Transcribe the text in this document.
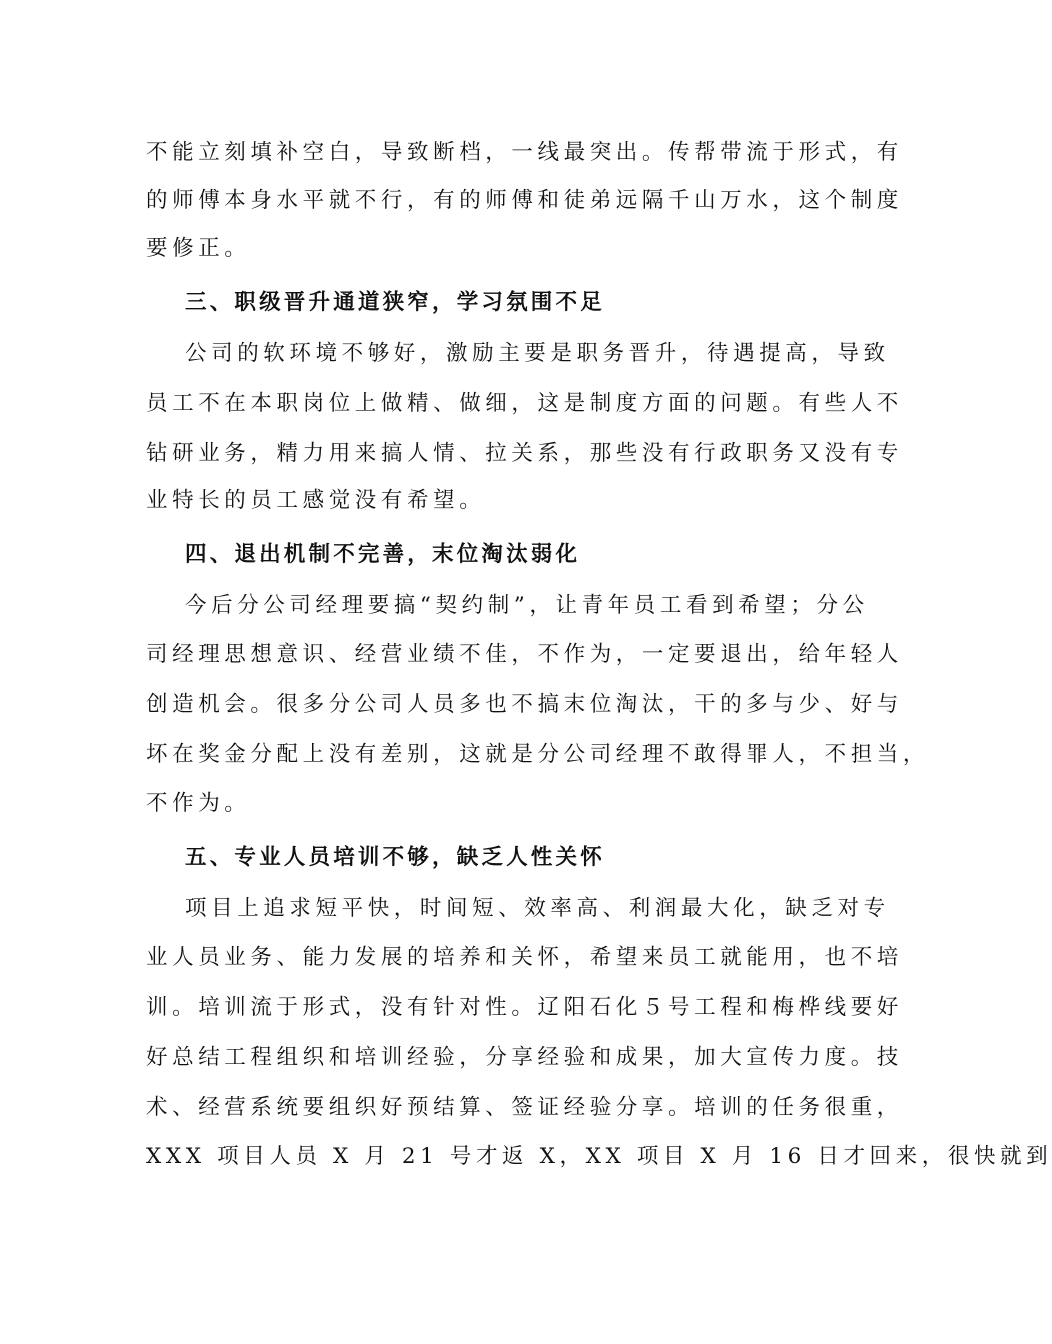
不能立刻填补空白，导致断档，一线最突出。传帮带流于形式，有
的师傅本身水平就不行，有的师傅和徒弟远隔千山万水，这个制度
要修正。
三、职级晋升通道狭窄，学习氛围不足
公司的软环境不够好，激励主要是职务晋升，待遇提高，导致
员工不在本职岗位上做精、做细，这是制度方面的问题。有些人不
钻研业务，精力用来搞人情、拉关系，那些没有行政职务又没有专
业特长的员工感觉没有希望。
四、退出机制不完善，末位淘汰弱化
今后分公司经理要搞“契约制”，让青年员工看到希望；分公
司经理思想意识、经营业绩不佳，不作为，一定要退出，给年轻人
创造机会。很多分公司人员多也不搞末位淘汰，干的多与少、好与
坏在奖金分配上没有差别，这就是分公司经理不敢得罪人，不担当，
不作为。
五、专业人员培训不够，缺乏人性关怀
项目上追求短平快，时间短、效率高、利润最大化，缺乏对专
业人员业务、能力发展的培养和关怀，希望来员工就能用，也不培
训。培训流于形式，没有针对性。辽阳石化５号工程和梅桦线要好
好总结工程组织和培训经验，分享经验和成果，加大宣传力度。技
术、经营系统要组织好预结算、签证经验分享。培训的任务很重，
XXX 项目人员 X 月 21 号才返 X，XX 项目 X 月 16 日才回来，很快就到
